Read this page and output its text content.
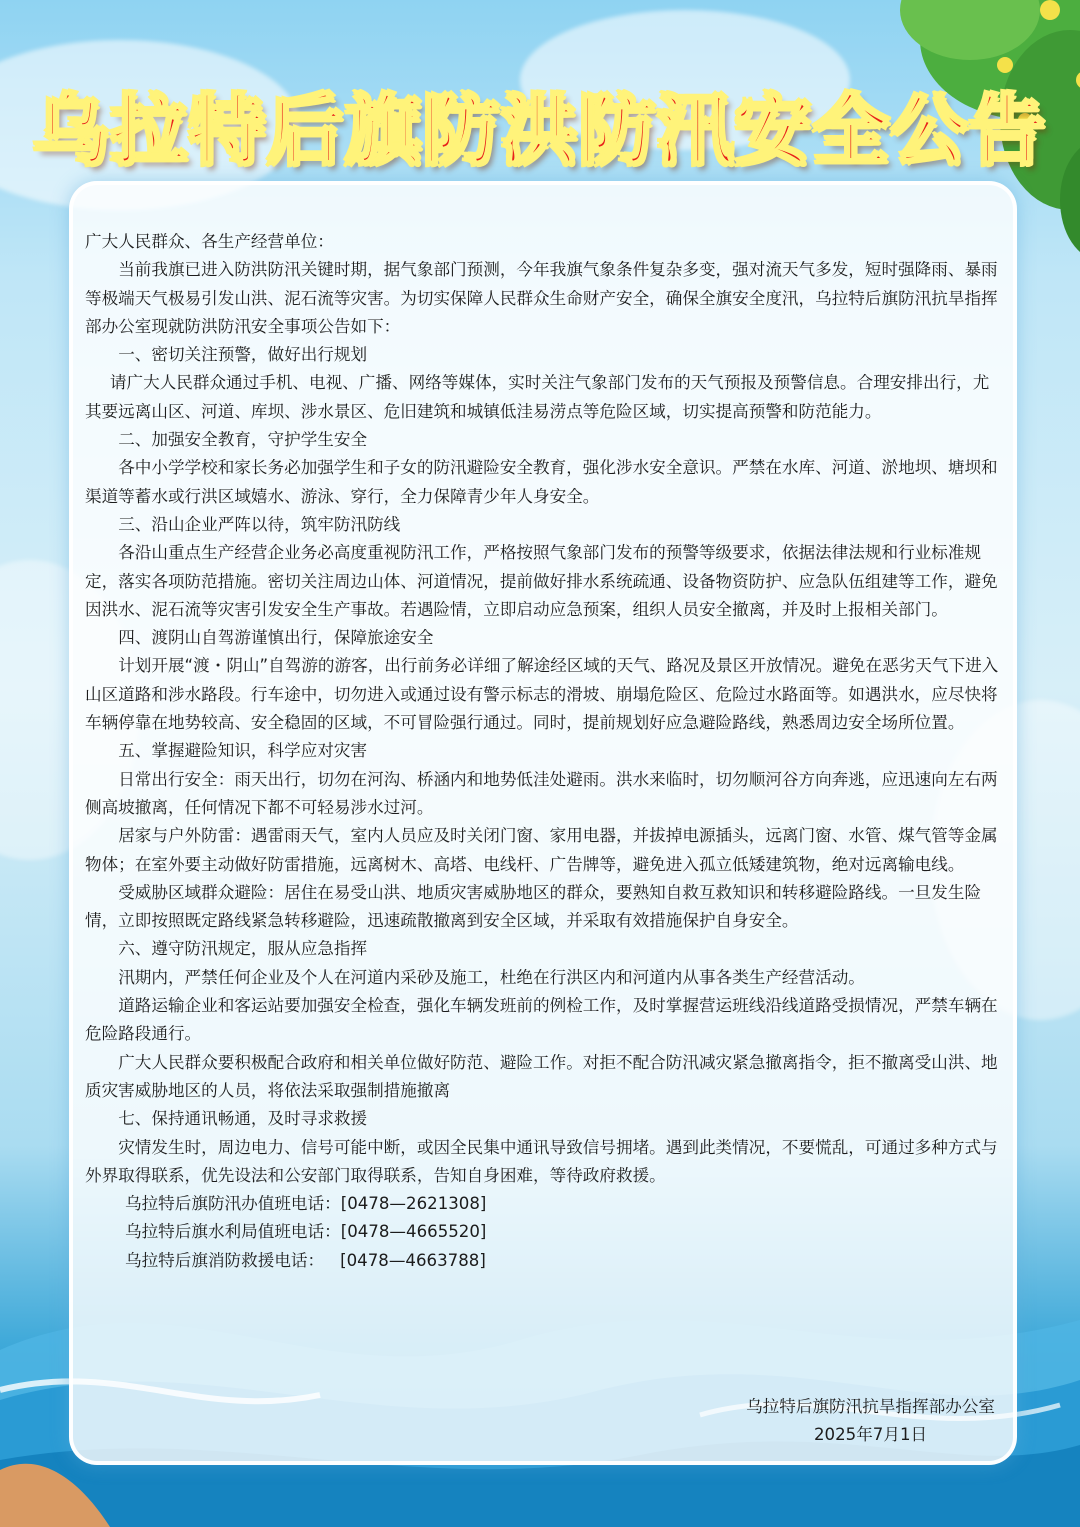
乌拉特后旗防洪防汛安全公告

广大人民群众、各生产经营单位：

当前我旗已进入防洪防汛关键时期，据气象部门预测，今年我旗气象条件复杂多变，强对流天气多发，短时强降雨、暴雨等极端天气极易引发山洪、泥石流等灾害。为切实保障人民群众生命财产安全，确保全旗安全度汛，乌拉特后旗防汛抗旱指挥部办公室现就防洪防汛安全事项公告如下：

一、密切关注预警，做好出行规划

请广大人民群众通过手机、电视、广播、网络等媒体，实时关注气象部门发布的天气预报及预警信息。合理安排出行，尤其要远离山区、河道、库坝、涉水景区、危旧建筑和城镇低洼易涝点等危险区域，切实提高预警和防范能力。

二、加强安全教育，守护学生安全

各中小学学校和家长务必加强学生和子女的防汛避险安全教育，强化涉水安全意识。严禁在水库、河道、淤地坝、塘坝和渠道等蓄水或行洪区域嬉水、游泳、穿行，全力保障青少年人身安全。

三、沿山企业严阵以待，筑牢防汛防线

各沿山重点生产经营企业务必高度重视防汛工作，严格按照气象部门发布的预警等级要求，依据法律法规和行业标准规定，落实各项防范措施。密切关注周边山体、河道情况，提前做好排水系统疏通、设备物资防护、应急队伍组建等工作，避免因洪水、泥石流等灾害引发安全生产事故。若遇险情，立即启动应急预案，组织人员安全撤离，并及时上报相关部门。

四、渡阴山自驾游谨慎出行，保障旅途安全

计划开展“渡・阴山”自驾游的游客，出行前务必详细了解途经区域的天气、路况及景区开放情况。避免在恶劣天气下进入山区道路和涉水路段。行车途中，切勿进入或通过设有警示标志的滑坡、崩塌危险区、危险过水路面等。如遇洪水，应尽快将车辆停靠在地势较高、安全稳固的区域，不可冒险强行通过。同时，提前规划好应急避险路线，熟悉周边安全场所位置。

五、掌握避险知识，科学应对灾害

日常出行安全：雨天出行，切勿在河沟、桥涵内和地势低洼处避雨。洪水来临时，切勿顺河谷方向奔逃，应迅速向左右两侧高坡撤离，任何情况下都不可轻易涉水过河。

居家与户外防雷：遇雷雨天气，室内人员应及时关闭门窗、家用电器，并拔掉电源插头，远离门窗、水管、煤气管等金属物体；在室外要主动做好防雷措施，远离树木、高塔、电线杆、广告牌等，避免进入孤立低矮建筑物，绝对远离输电线。

受威胁区域群众避险：居住在易受山洪、地质灾害威胁地区的群众，要熟知自救互救知识和转移避险路线。一旦发生险情，立即按照既定路线紧急转移避险，迅速疏散撤离到安全区域，并采取有效措施保护自身安全。

六、遵守防汛规定，服从应急指挥

汛期内，严禁任何企业及个人在河道内采砂及施工，杜绝在行洪区内和河道内从事各类生产经营活动。

道路运输企业和客运站要加强安全检查，强化车辆发班前的例检工作，及时掌握营运班线沿线道路受损情况，严禁车辆在危险路段通行。

广大人民群众要积极配合政府和相关单位做好防范、避险工作。对拒不配合防汛减灾紧急撤离指令，拒不撤离受山洪、地质灾害威胁地区的人员，将依法采取强制措施撤离

七、保持通讯畅通，及时寻求救援

灾情发生时，周边电力、信号可能中断，或因全民集中通讯导致信号拥堵。遇到此类情况，不要慌乱，可通过多种方式与外界取得联系，优先设法和公安部门取得联系，告知自身困难，等待政府救援。

乌拉特后旗防汛办值班电话：[0478—2621308]

乌拉特后旗水利局值班电话：[0478—4665520]

乌拉特后旗消防救援电话： [0478—4663788]

乌拉特后旗防汛抗旱指挥部办公室
2025年7月1日
